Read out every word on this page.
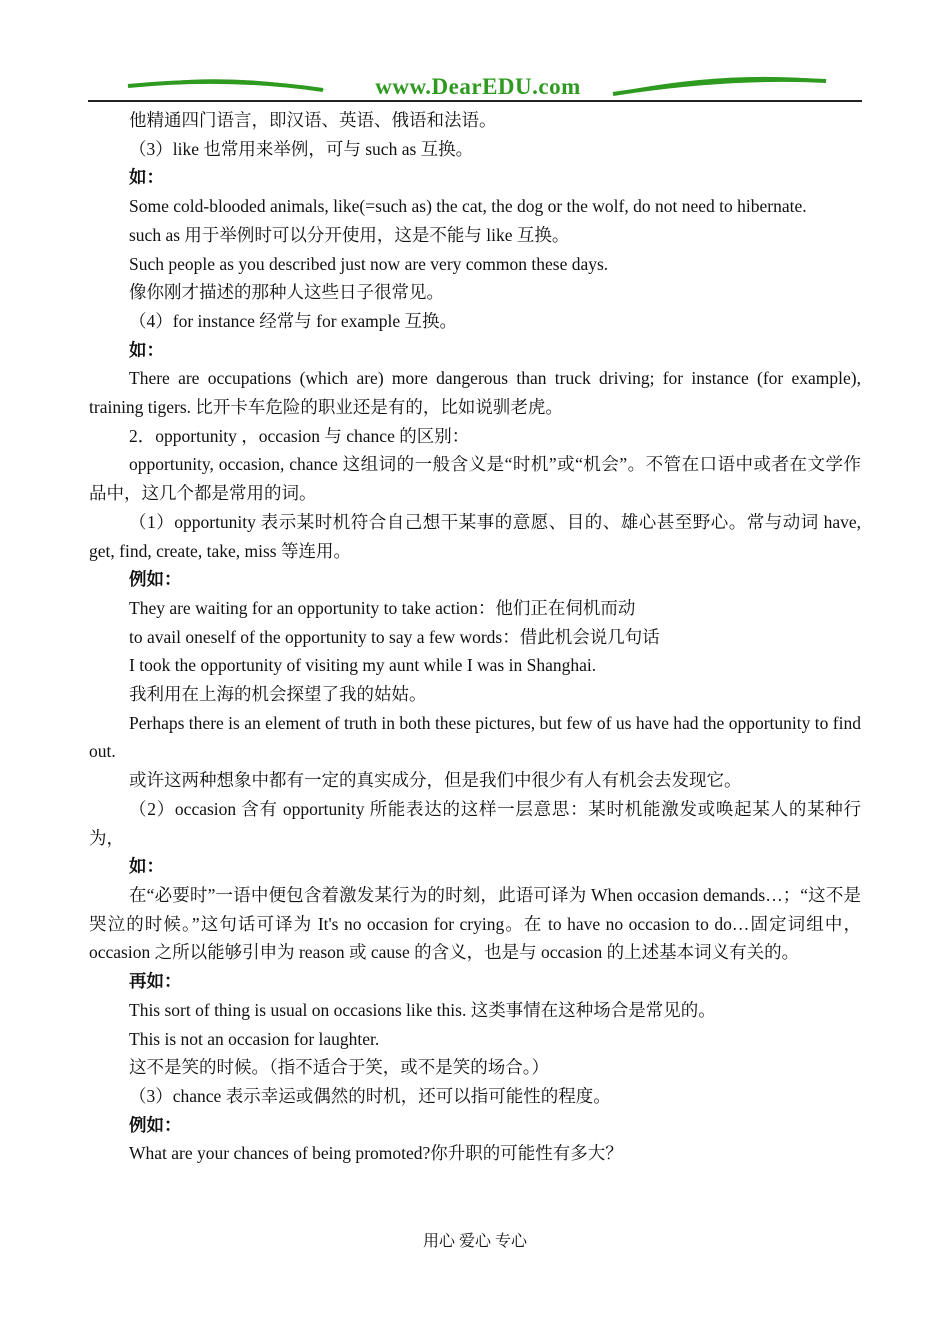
www.DearEDU.com

他精通四门语言，即汉语、英语、俄语和法语。

（3）like 也常用来举例，可与 such as 互换。

如：

Some cold-blooded animals, like(=such as) the cat, the dog or the wolf, do not need to hibernate.

such as 用于举例时可以分开使用，这是不能与 like 互换。

Such people as you described just now are very common these days.

像你刚才描述的那种人这些日子很常见。

（4）for instance 经常与 for example 互换。

如：

There are occupations (which are) more dangerous than truck driving; for instance (for example), training tigers. 比开卡车危险的职业还是有的，比如说驯老虎。

2．opportunity ，occasion 与 chance 的区别：

opportunity, occasion, chance 这组词的一般含义是“时机”或“机会”。不管在口语中或者在文学作品中，这几个都是常用的词。

（1）opportunity 表示某时机符合自己想干某事的意愿、目的、雄心甚至野心。常与动词 have, get, find, create, take, miss 等连用。

例如：

They are waiting for an opportunity to take action：他们正在伺机而动

to avail oneself of the opportunity to say a few words：借此机会说几句话

I took the opportunity of visiting my aunt while I was in Shanghai.

我利用在上海的机会探望了我的姑姑。

Perhaps there is an element of truth in both these pictures, but few of us have had the opportunity to find out.

或许这两种想象中都有一定的真实成分，但是我们中很少有人有机会去发现它。

（2）occasion 含有 opportunity 所能表达的这样一层意思：某时机能激发或唤起某人的某种行为，

如：

在“必要时”一语中便包含着激发某行为的时刻，此语可译为 When occasion demands…；“这不是哭泣的时候。”这句话可译为 It's no occasion for crying。在 to have no occasion to do…固定词组中，occasion 之所以能够引申为 reason 或 cause 的含义，也是与 occasion 的上述基本词义有关的。

再如：

This sort of thing is usual on occasions like this. 这类事情在这种场合是常见的。

This is not an occasion for laughter.

这不是笑的时候。（指不适合于笑，或不是笑的场合。）

（3）chance 表示幸运或偶然的时机，还可以指可能性的程度。

例如：

What are your chances of being promoted?你升职的可能性有多大？

用心 爱心 专心
